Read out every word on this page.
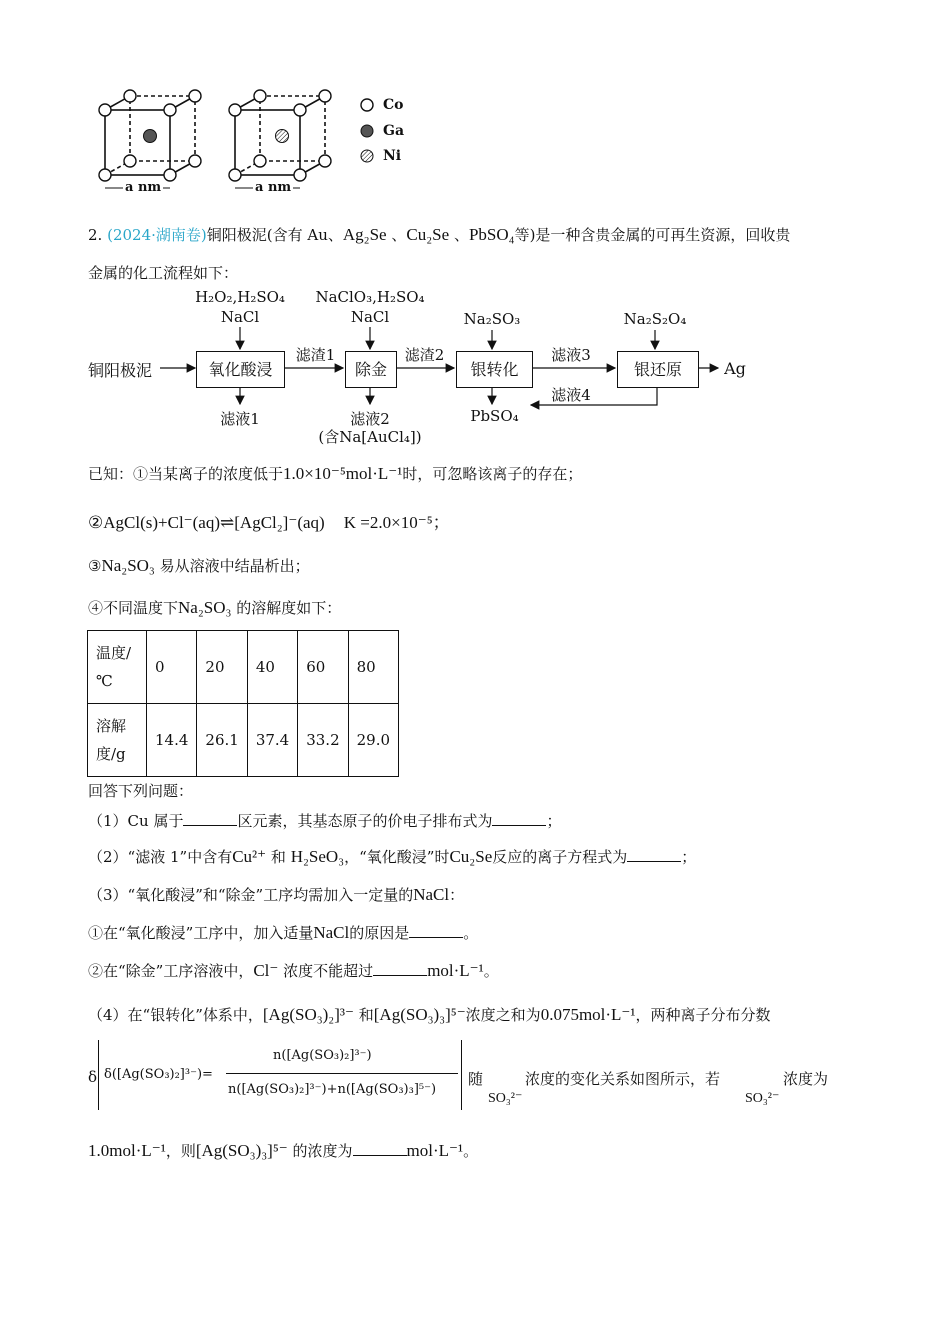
Co
Ga
Ni
a nm	a nm
2. (2024·湖南卷)铜阳极泥(含有 Au、Ag₂Se 、Cu₂Se 、PbSO₄等)是一种含贵金属的可再生资源，回收贵
金属的化工流程如下：
铜阳极泥	氧化酸浸	除金	银转化	银还原
H₂O₂,H₂SO₄
NaCl
NaClO₃,H₂SO₄
NaCl	Na₂SO₃	Na₂S₂O₄
滤渣1	滤渣2	滤液3
滤液4
滤液1	滤液2
(含Na[AuCl₄])
PbSO₄
Ag
已知：①当某离子的浓度低于1.0×10⁻⁵mol·L⁻¹时，可忽略该离子的存在；
②AgCl(s)+Cl⁻(aq)⇌[AgCl₂]⁻(aq) K =2.0×10⁻⁵；
③Na₂SO₃ 易从溶液中结晶析出；
④不同温度下Na₂SO₃ 的溶解度如下：
温度/℃	0	20	40	60	80
溶解度/g	14.4	26.1	37.4	33.2	29.0
回答下列问题：
（1）Cu 属于	区元素，其基态原子的价电子排布式为	；
（2）“滤液 1”中含有Cu²⁺ 和 H₂SeO₃，“氧化酸浸”时Cu₂Se反应的离子方程式为	；
（3）“氧化酸浸”和“除金”工序均需加入一定量的NaCl：
①在“氧化酸浸”工序中，加入适量NaCl的原因是	。
②在“除金”工序溶液中，Cl⁻ 浓度不能超过	mol·L⁻¹。
（4）在“银转化”体系中，[Ag(SO₃)₂]³⁻ 和[Ag(SO₃)₃]⁵⁻浓度之和为0.075mol·L⁻¹，两种离子分布分数
δ δ([Ag(SO₃)₂]³⁻)=
n([Ag(SO₃)₂]³⁻)
n([Ag(SO₃)₂]³⁻)+n([Ag(SO₃)₃]⁵⁻)
随
SO₃²⁻
浓度的变化关系如图所示，若
SO₃²⁻
浓度为
1.0mol·L⁻¹，则[Ag(SO₃)₃]⁵⁻ 的浓度为	mol·L⁻¹。
